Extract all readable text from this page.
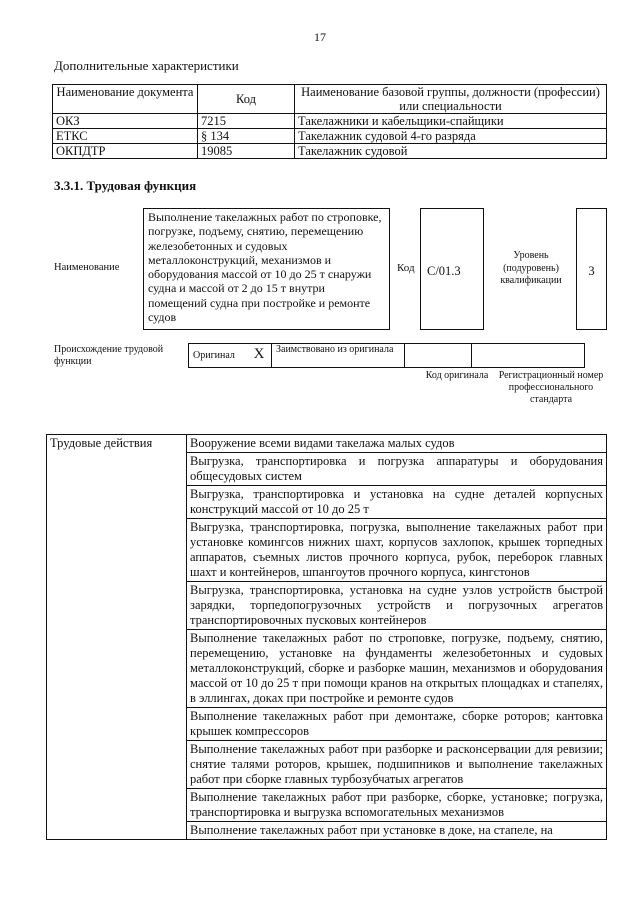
17
Дополнительные характеристики
Наименование документа	Код	Наименование базовой группы, должности (профессии) или специальности
ОКЗ	7215	Такелажники и кабельщики-спайщики
ЕТКС	§ 134	Такелажник судовой 4-го разряда
ОКПДТР	19085	Такелажник судовой
3.3.1. Трудовая функция
Наименование
Выполнение такелажных работ по строповке, погрузке, подъему, снятию, перемещению железобетонных и судовых металлоконструкций, механизмов и оборудования массой от 10 до 25 т снаружи судна и массой от 2 до 15 т внутри помещений судна при постройке и ремонте судов
Код С/01.3
Уровень (подуровень) квалификации
3
Происхождение трудовой функции
Оригинал	X	Заимствовано из оригинала		
Код оригинала	Регистрационный номер профессионального стандарта
Трудовые действия	Вооружение всеми видами такелажа малых судов
Выгрузка, транспортировка и погрузка аппаратуры и оборудования общесудовых систем
Выгрузка, транспортировка и установка на судне деталей корпусных конструкций массой от 10 до 25 т
Выгрузка, транспортировка, погрузка, выполнение такелажных работ при установке комингсов нижних шахт, корпусов захлопок, крышек торпедных аппаратов, съемных листов прочного корпуса, рубок, переборок главных шахт и контейнеров, шпангоутов прочного корпуса, кингстонов
Выгрузка, транспортировка, установка на судне узлов устройств быстрой зарядки, торпедопогрузочных устройств и погрузочных агрегатов транспортировочных пусковых контейнеров
Выполнение такелажных работ по строповке, погрузке, подъему, снятию, перемещению, установке на фундаменты железобетонных и судовых металлоконструкций, сборке и разборке машин, механизмов и оборудования массой от 10 до 25 т при помощи кранов на открытых площадках и стапелях, в эллингах, доках при постройке и ремонте судов
Выполнение такелажных работ при демонтаже, сборке роторов; кантовка крышек компрессоров
Выполнение такелажных работ при разборке и расконсервации для ревизии; снятие талями роторов, крышек, подшипников и выполнение такелажных работ при сборке главных турбозубчатых агрегатов
Выполнение такелажных работ при разборке, сборке, установке; погрузка, транспортировка и выгрузка вспомогательных механизмов
Выполнение такелажных работ при установке в доке, на стапеле, на
